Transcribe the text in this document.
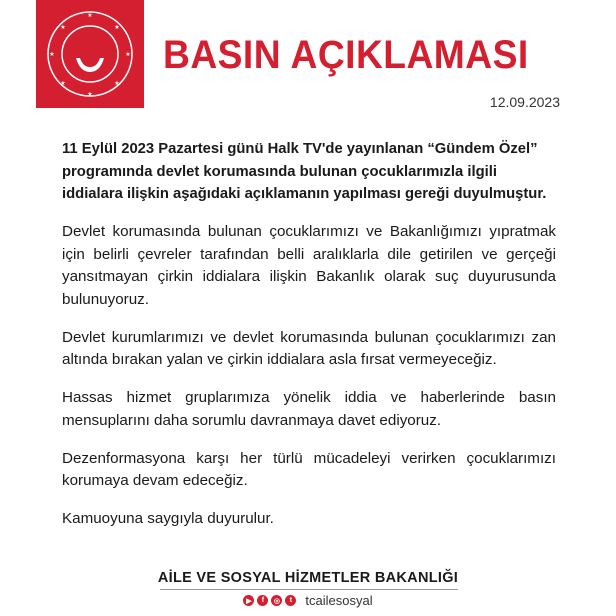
★
★
★	★
★	★
★	★
BASIN AÇIKLAMASI
12.09.2023

11 Eylül 2023 Pazartesi günü Halk TV'de yayınlanan “Gündem Özel” programında devlet korumasında bulunan çocuklarımızla ilgili iddialara ilişkin aşağıdaki açıklamanın yapılması gereği duyulmuştur.

Devlet korumasında bulunan çocuklarımızı ve Bakanlığımızı yıpratmak için belirli çevreler tarafından belli aralıklarla dile getirilen ve gerçeği yansıtmayan çirkin iddialara ilişkin Bakanlık olarak suç duyurusunda bulunuyoruz.

Devlet kurumlarımızı ve devlet korumasında bulunan çocuklarımızı zan altında bırakan yalan ve çirkin iddialara asla fırsat vermeyeceğiz.

Hassas hizmet gruplarımıza yönelik iddia ve haberlerinde basın mensuplarını daha sorumlu davranmaya davet ediyoruz.

Dezenformasyona karşı her türlü mücadeleyi verirken çocuklarımızı korumaya devam edeceğiz.

Kamuoyuna saygıyla duyurulur.

AİLE VE SOSYAL HİZMETLER BAKANLIĞI
▶	f	◎	t	tcailesosyal
